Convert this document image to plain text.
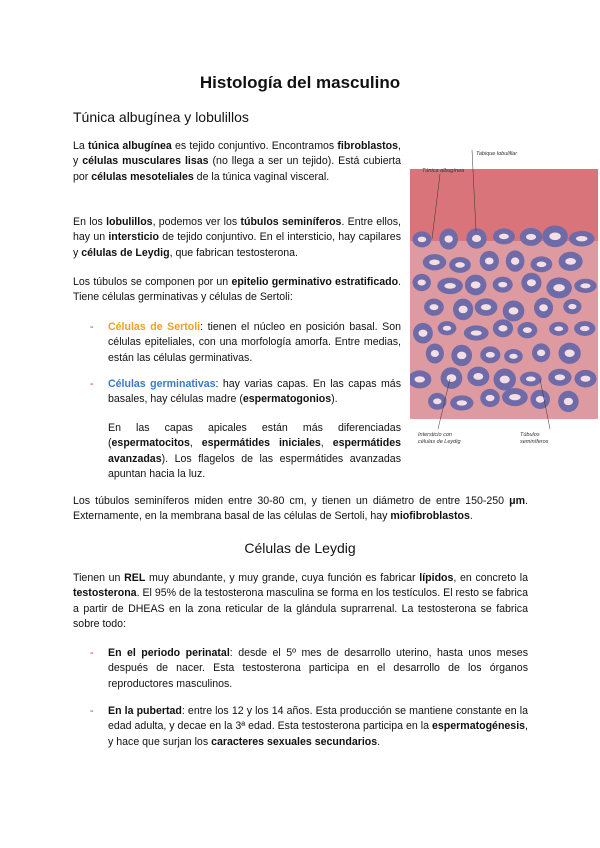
Histología del masculino
Túnica albugínea y lobulillos

La túnica albugínea es tejido conjuntivo. Encontramos fibroblastos, y células musculares lisas (no llega a ser un tejido). Está cubierta por células mesoteliales de la túnica vaginal visceral.

En los lobulillos, podemos ver los túbulos seminíferos. Entre ellos, hay un intersticio de tejido conjuntivo. En el intersticio, hay capilares y células de Leydig, que fabrican testosterona.

Los túbulos se componen por un epitelio germinativo estratificado. Tiene células germinativas y células de Sertoli:

- Células de Sertoli: tienen el núcleo en posición basal. Son células epiteliales, con una morfología amorfa. Entre medias, están las células germinativas.

- Células germinativas: hay varias capas. En las capas más basales, hay células madre (espermatogonios).

En las capas apicales están más diferenciadas (espermatocitos, espermátides iniciales, espermátides avanzadas). Los flagelos de las espermátides avanzadas apuntan hacia la luz.

Los túbulos seminíferos miden entre 30-80 cm, y tienen un diámetro de entre 150-250 μm. Externamente, en la membrana basal de las células de Sertoli, hay miofibroblastos.

Tabique lobulillar
Túnica albugínea
Intersticio con
células de Leydig
Túbulos
seminíferos
Células de Leydig

Tienen un REL muy abundante, y muy grande, cuya función es fabricar lípidos, en concreto la testosterona. El 95% de la testosterona masculina se forma en los testículos. El resto se fabrica a partir de DHEAS en la zona reticular de la glándula suprarrenal. La testosterona se fabrica sobre todo:

- En el periodo perinatal: desde el 5º mes de desarrollo uterino, hasta unos meses después de nacer. Esta testosterona participa en el desarrollo de los órganos reproductores masculinos.

- En la pubertad: entre los 12 y los 14 años. Esta producción se mantiene constante en la edad adulta, y decae en la 3ª edad. Esta testosterona participa en la espermatogénesis, y hace que surjan los caracteres sexuales secundarios.
